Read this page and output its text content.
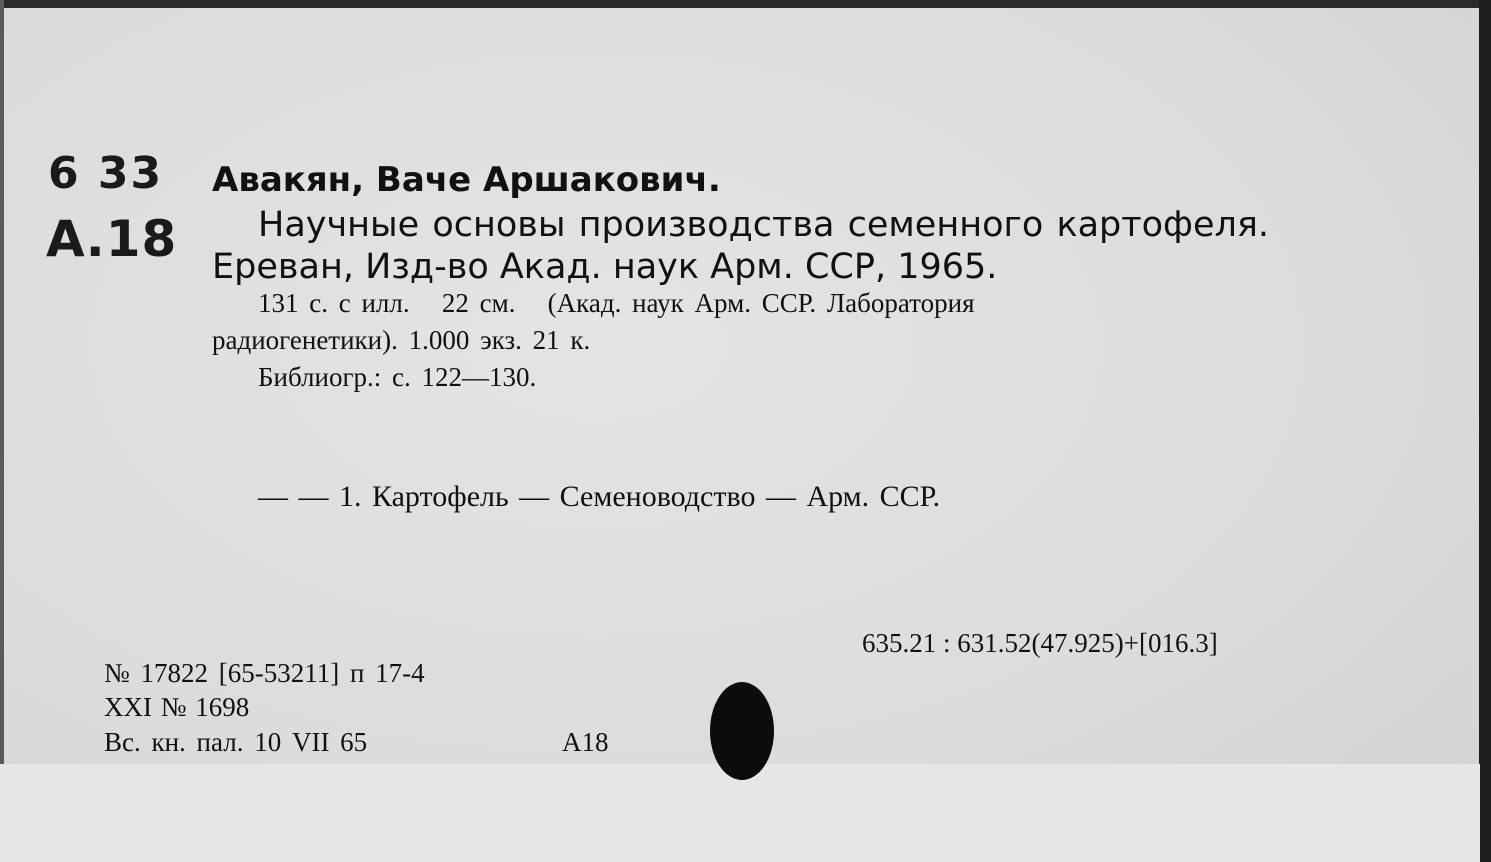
6 33
А.18
Авакян, Ваче Аршакович.
Научные основы производства семенного картофеля.
Ереван, Изд-во Акад. наук Арм. ССР, 1965.
131 с. с илл.   22 см.   (Акад. наук Арм. ССР. Лаборатория
радиогенетики). 1.000 экз. 21 к.
Библиогр.: с. 122—130.
— — 1. Картофель — Семеноводство — Арм. ССР.
635.21 : 631.52(47.925)+[016.3]
№ 17822 [65-53211] п 17-4
XXI № 1698
Вс. кн. пал. 10 VII 65	A18
